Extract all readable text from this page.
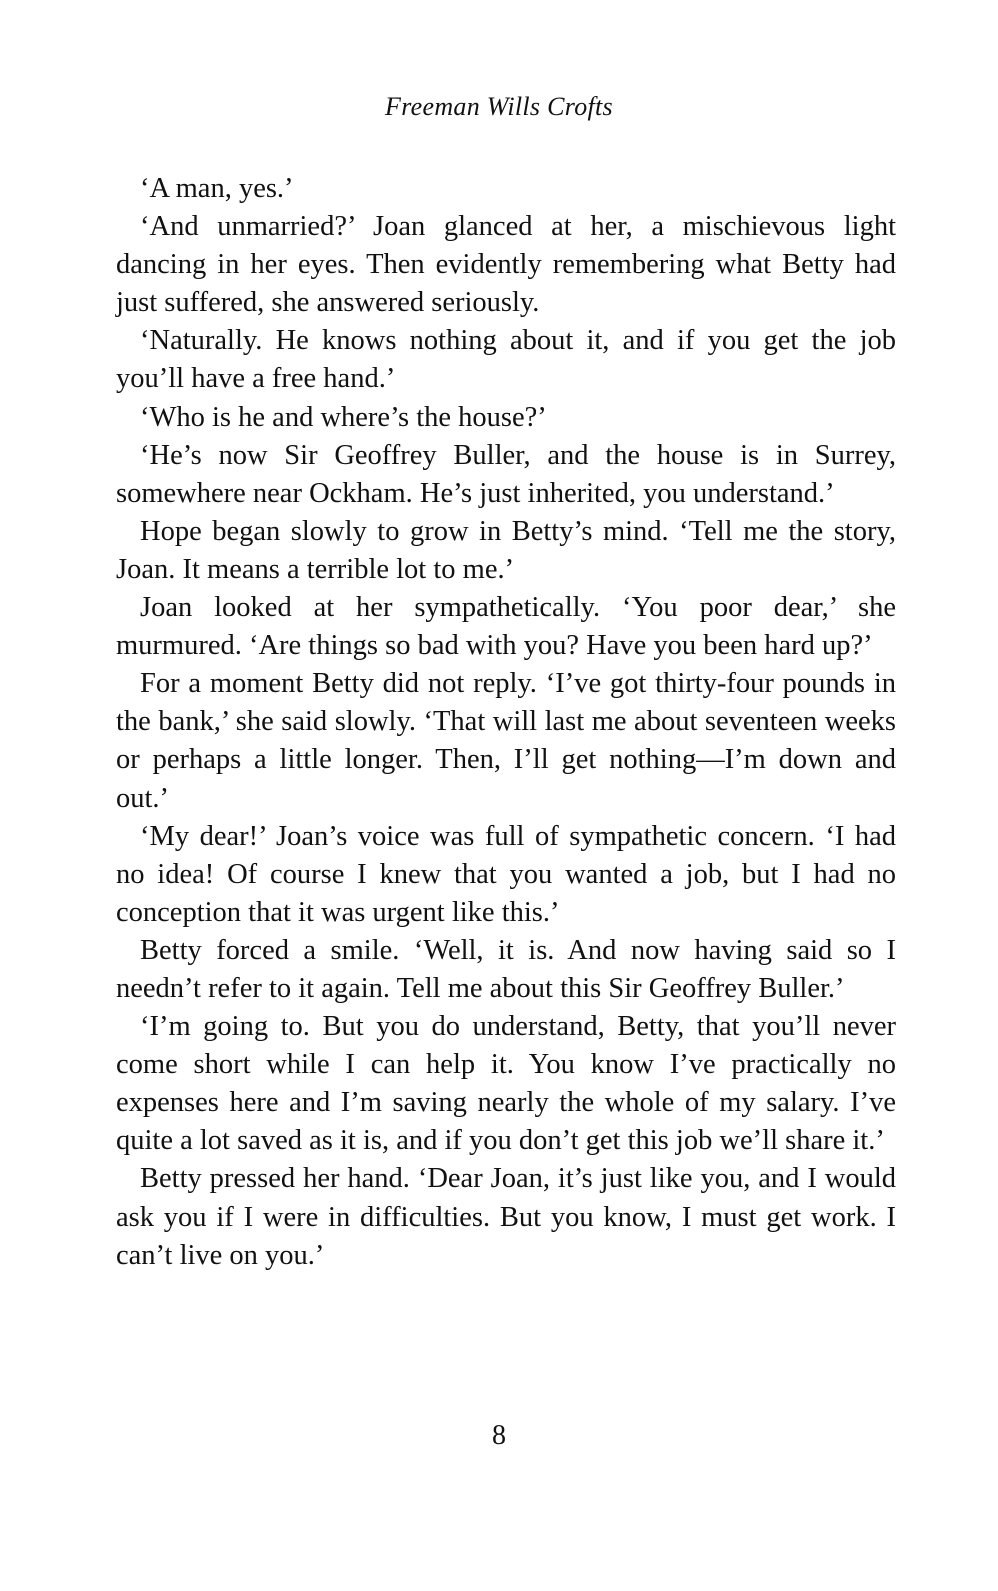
Freeman Wills Crofts

‘A man, yes.’

‘And unmarried?’ Joan glanced at her, a mischievous light dancing in her eyes. Then evidently remembering what Betty had just suffered, she answered seriously.

‘Naturally. He knows nothing about it, and if you get the job you’ll have a free hand.’

‘Who is he and where’s the house?’

‘He’s now Sir Geoffrey Buller, and the house is in Surrey, somewhere near Ockham. He’s just inherited, you understand.’

Hope began slowly to grow in Betty’s mind. ‘Tell me the story, Joan. It means a terrible lot to me.’

Joan looked at her sympathetically. ‘You poor dear,’ she murmured. ‘Are things so bad with you? Have you been hard up?’

For a moment Betty did not reply. ‘I’ve got thirty-four pounds in the bank,’ she said slowly. ‘That will last me about seventeen weeks or perhaps a little longer. Then, I’ll get nothing—I’m down and out.’

‘My dear!’ Joan’s voice was full of sympathetic concern. ‘I had no idea! Of course I knew that you wanted a job, but I had no conception that it was urgent like this.’

Betty forced a smile. ‘Well, it is. And now having said so I needn’t refer to it again. Tell me about this Sir Geoffrey Buller.’

‘I’m going to. But you do understand, Betty, that you’ll never come short while I can help it. You know I’ve practically no expenses here and I’m saving nearly the whole of my salary. I’ve quite a lot saved as it is, and if you don’t get this job we’ll share it.’

Betty pressed her hand. ‘Dear Joan, it’s just like you, and I would ask you if I were in difficulties. But you know, I must get work. I can’t live on you.’

8
